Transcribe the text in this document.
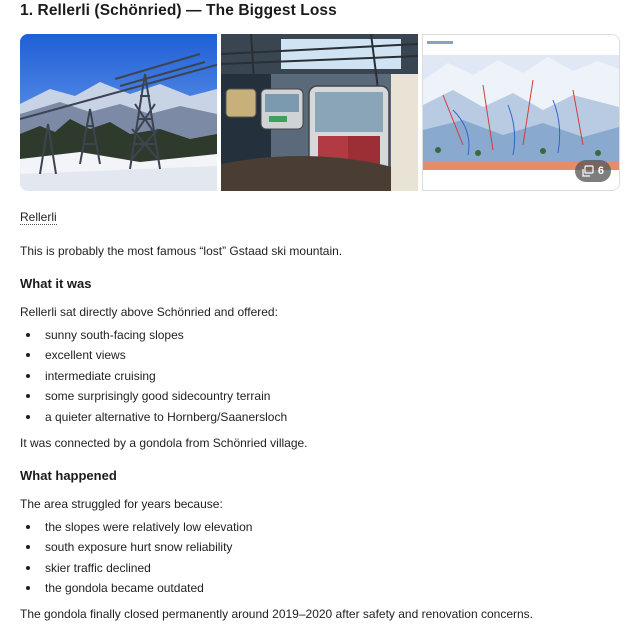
1. Rellerli (Schönried) — The Biggest Loss
6
Rellerli

This is probably the most famous “lost” Gstaad ski mountain.

What it was

Rellerli sat directly above Schönried and offered:

sunny south-facing slopes
excellent views
intermediate cruising
some surprisingly good sidecountry terrain
a quieter alternative to Hornberg/Saanersloch

It was connected by a gondola from Schönried village.

What happened

The area struggled for years because:

the slopes were relatively low elevation
south exposure hurt snow reliability
skier traffic declined
the gondola became outdated

The gondola finally closed permanently around 2019–2020 after safety and renovation concerns.
